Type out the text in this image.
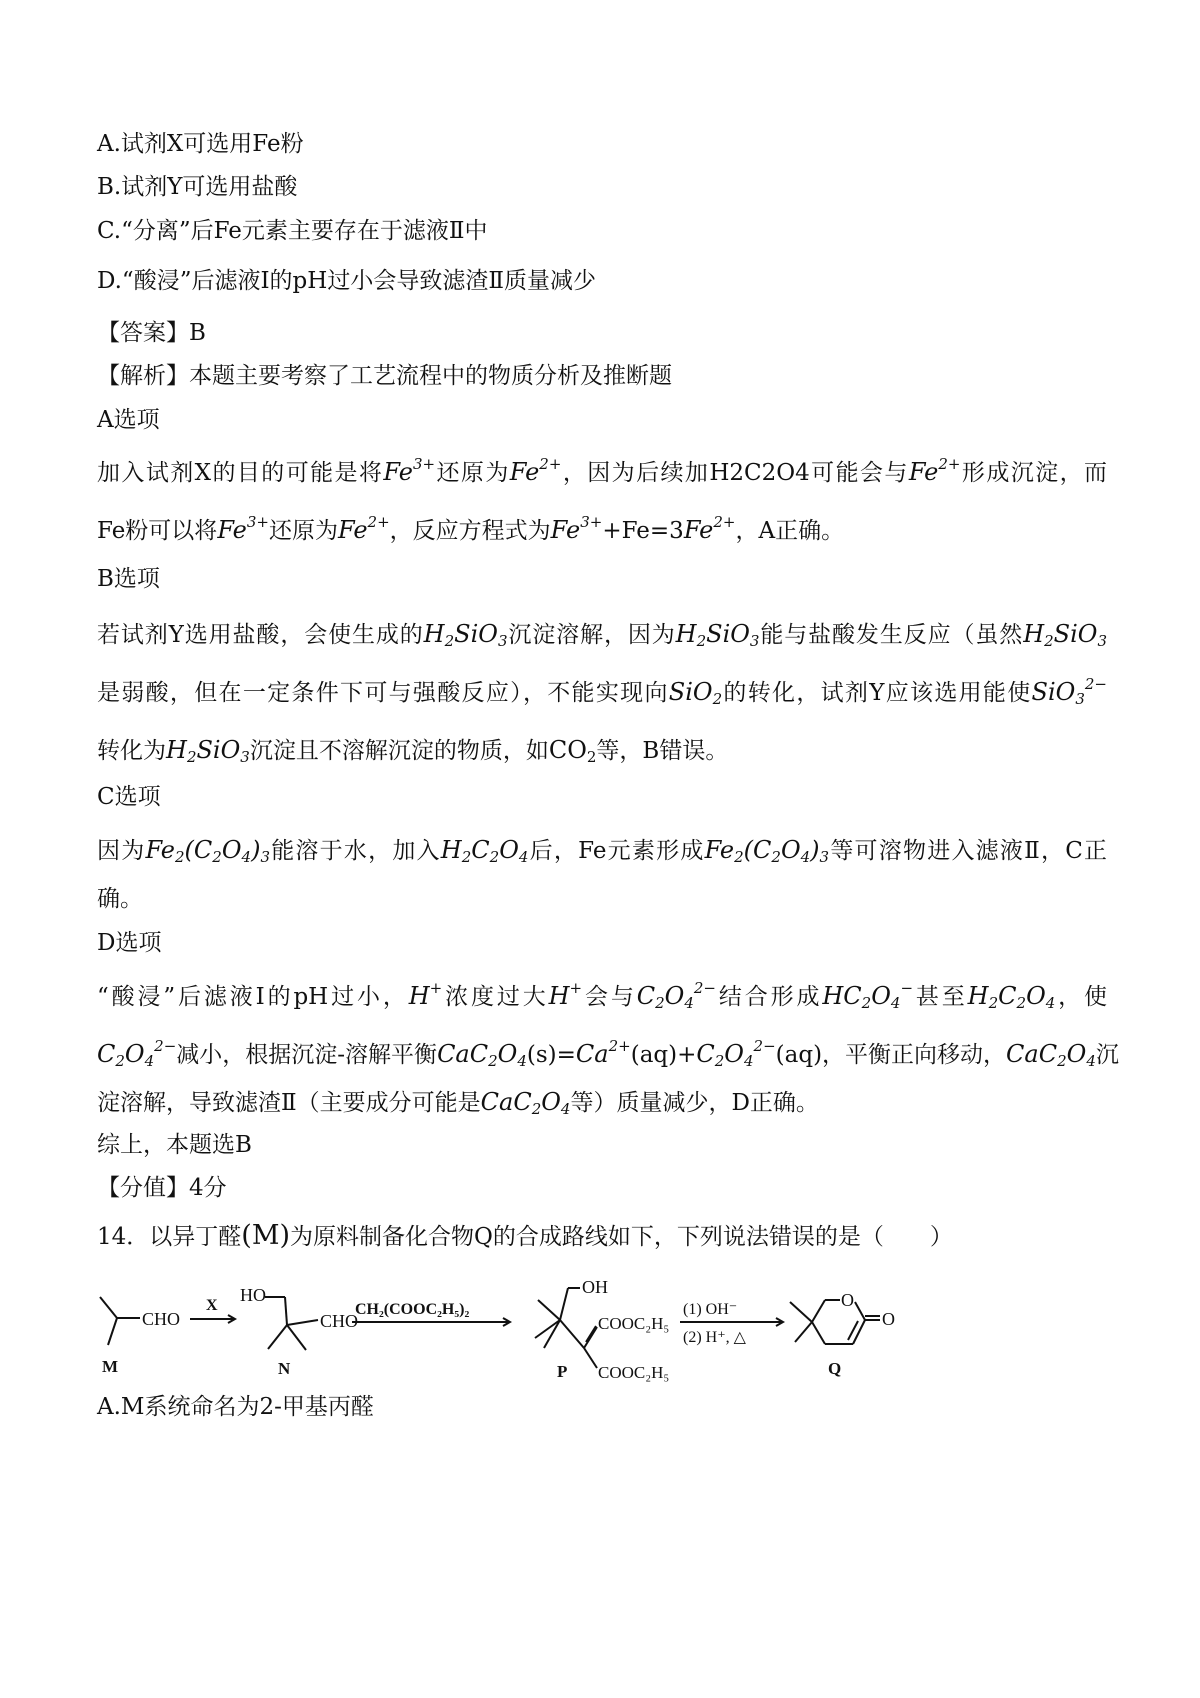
A.试剂X可选用Fe粉
B.试剂Y可选用盐酸
C.“分离”后Fe元素主要存在于滤液Ⅱ中
D.“酸浸”后滤液Ⅰ的pH过小会导致滤渣Ⅱ质量减少
【答案】B
【解析】本题主要考察了工艺流程中的物质分析及推断题
A选项
加入试剂X的目的可能是将$Fe^{3+}$还原为$Fe^{2+}$，因为后续加H2C2O4可能会与$Fe^{2+}$形成沉淀，而
Fe粉可以将$Fe^{3+}$还原为$Fe^{2+}$，反应方程式为$Fe^{3+}+Fe=3Fe^{2+}$，A正确。
B选项
若试剂Y选用盐酸，会使生成的$H_2SiO_3$沉淀溶解，因为$H_2SiO_3$能与盐酸发生反应（虽然$H_2SiO_3$
是弱酸，但在一定条件下可与强酸反应），不能实现向SiO$_2$的转化，试剂Y应该选用能使SiO$_3^{2-}$
转化为$H_2SiO_3$沉淀且不溶解沉淀的物质，如$CO_2$等，B错误。
C选项
因为$Fe_2(C_2O_4)_3$能溶于水，加入$H_2C_2O_4$后，Fe元素形成$Fe_2(C_2O_4)_3$等可溶物进入滤液Ⅱ，C正
确。
D选项
“酸浸”后滤液Ⅰ的pH过小，H+浓度过大H+会与$C_2O_4^{2-}$结合形成$HC_2O_4^-$甚至$H_2C_2O_4$，使
$C_2O_4^{2-}$减小，根据沉淀-溶解平衡$CaC_2O_4(s)=Ca^{2+}(aq)+C_2O_4^{2-}(aq)$，平衡正向移动，$CaC_2O_4$沉
淀溶解，导致滤渣Ⅱ（主要成分可能是$CaC_2O_4$等）质量减少，D正确。
综上，本题选B
【分值】4分
14．以异丁醛(M)为原料制备化合物Q的合成路线如下，下列说法错误的是（　　）
CHO
X
HO
CHO
CH₂(COOC₂H₅)₂
OH
COOC₂H₅
COOC₂H₅
(1) OH⁻
(2) H⁺, △
O
O
M	N	P	Q
A.M系统命名为2-甲基丙醛
